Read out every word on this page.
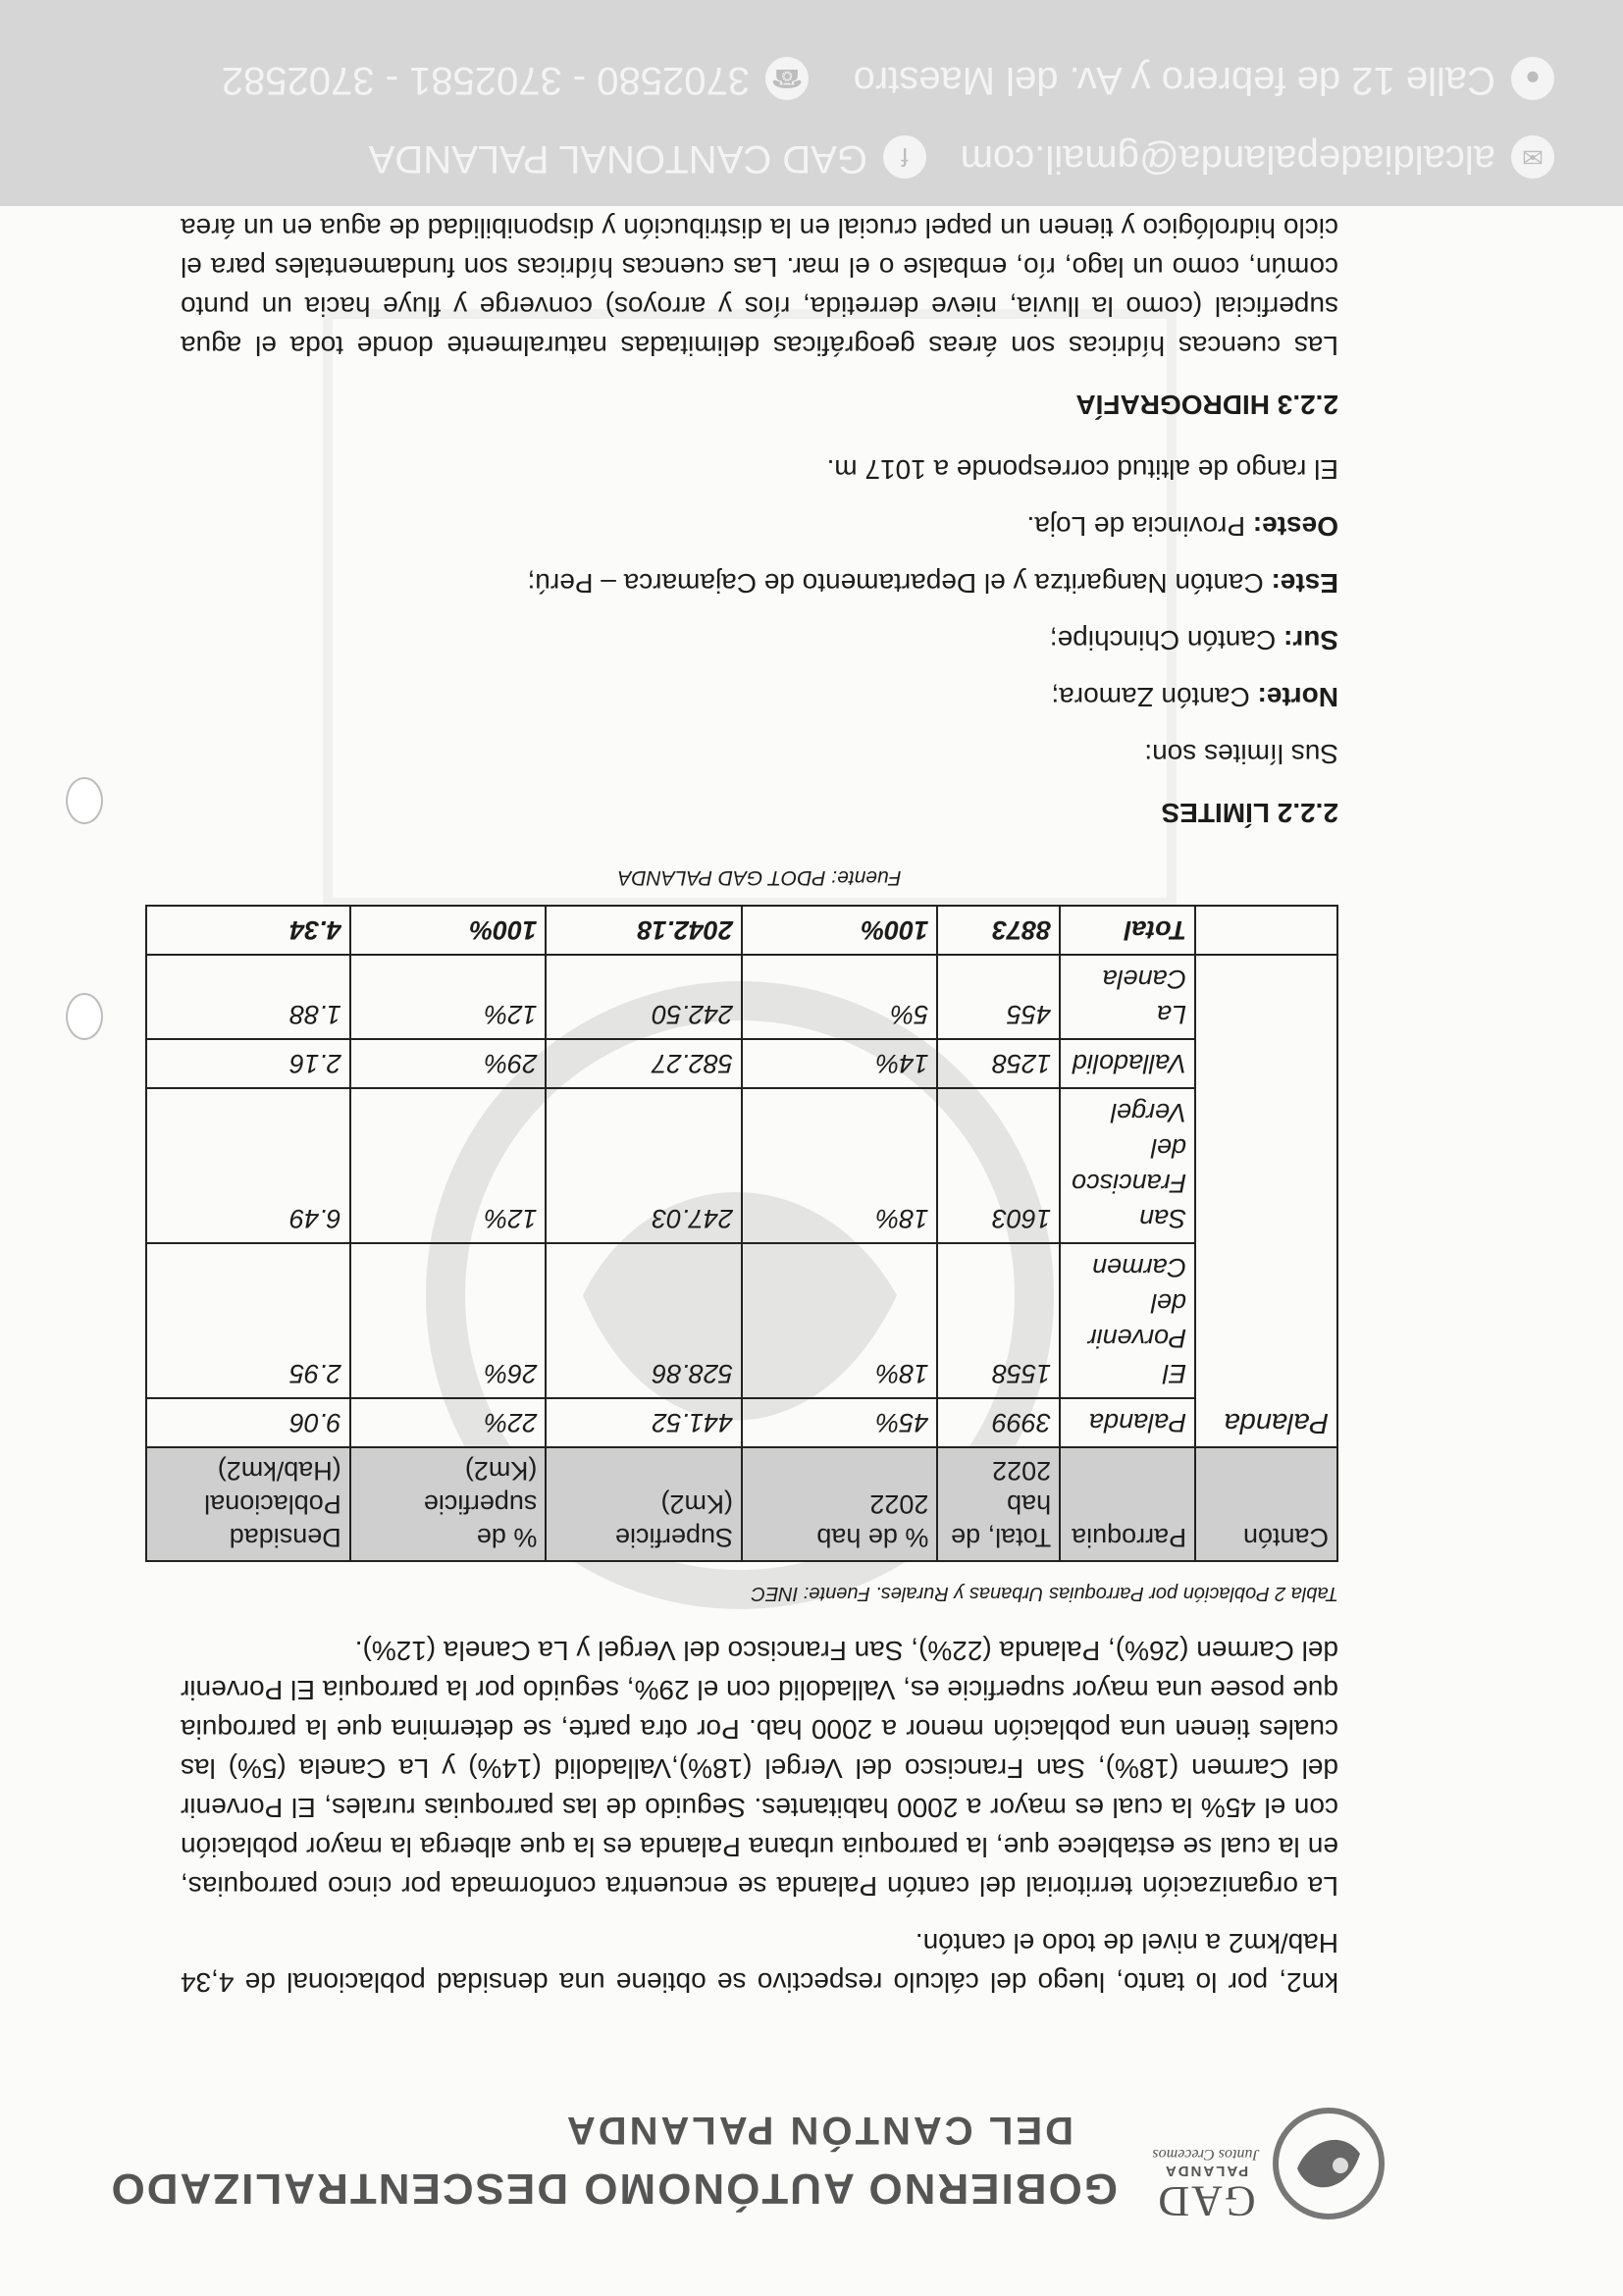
GAD
PALANDA
Juntos Crecemos
GOBIERNO AUTÓNOMO DESCENTRALIZADO
DEL CANTÓN PALANDA

km2, por lo tanto, luego del cálculo respectivo se obtiene una densidad poblacional de 4,34 Hab/km2 a nivel de todo el cantón.

La organización territorial del cantón Palanda se encuentra conformada por cinco parroquias, en la cual se establece que, la parroquia urbana Palanda es la que alberga la mayor población con el 45% la cual es mayor a 2000 habitantes. Seguido de las parroquias rurales, El Porvenir del Carmen (18%), San Francisco del Vergel (18%),Valladolid (14%) y La Canela (5%) las cuales tienen una población menor a 2000 hab. Por otra parte, se determina que la parroquia que posee una mayor superficie es, Valladolid con el 29%, seguido por la parroquia El Porvenir del Carmen (26%), Palanda (22%), San Francisco del Vergel y La Canela (12%).

Tabla 2 Población por Parroquias Urbanas y Rurales. Fuente: INEC
Cantón	Parroquia	Total, de hab 2022	% de hab 2022	Superficie (Km2)	% de superficie (Km2)	Densidad Poblacional (Hab/km2)
Palanda	Palanda	3999	45%	441.52	22%	9.06
	El Porvenir del Carmen	1558	18%	528.86	26%	2.95
	San Francisco del Vergel	1603	18%	247.03	12%	6.49
	Valladolid	1258	14%	582.27	29%	2.16
	La Canela	455	5%	242.50	12%	1.88
	Total	8873	100%	2042.18	100%	4.34
Fuente: PDOT GAD PALANDA
2.2.2 LÍMITES

Sus límites son:

Norte: Cantón Zamora;

Sur: Cantón Chinchipe;

Este: Cantón Nangaritza y el Departamento de Cajamarca – Perú;

Oeste: Provincia de Loja.

El rango de altitud corresponde a 1017 m.

2.2.3 HIDROGRAFÍA

Las cuencas hídricas son áreas geográficas delimitadas naturalmente donde toda el agua superficial (como la lluvia, nieve derretida, ríos y arroyos) converge y fluye hacia un punto común, como un lago, río, embalse o el mar. Las cuencas hídricas son fundamentales para el ciclo hidrológico y tienen un papel crucial en la distribución y disponibilidad de agua en un área

✉alcaldiadepalanda@gmail.com
fGAD CANTONAL PALANDA
●Calle 12 de febrero y Av. del Maestro
☎3702580 - 3702581 - 3702582
